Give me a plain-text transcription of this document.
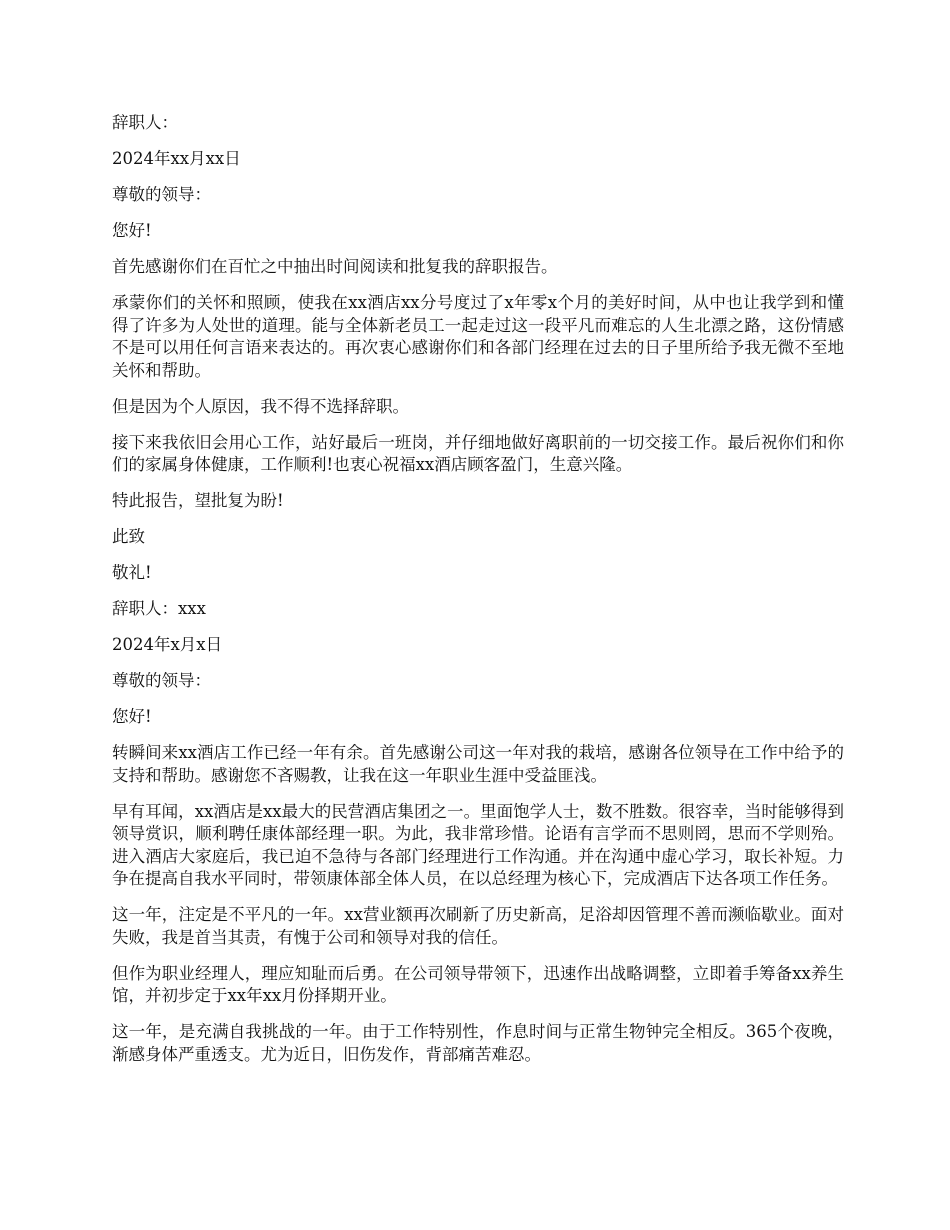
辞职人：

2024年xx月xx日

尊敬的领导：

您好!

首先感谢你们在百忙之中抽出时间阅读和批复我的辞职报告。

承蒙你们的关怀和照顾，使我在xx酒店xx分号度过了x年零x个月的美好时间，从中也让我学到和懂得了许多为人处世的道理。能与全体新老员工一起走过这一段平凡而难忘的人生北漂之路，这份情感不是可以用任何言语来表达的。再次衷心感谢你们和各部门经理在过去的日子里所给予我无微不至地关怀和帮助。

但是因为个人原因，我不得不选择辞职。

接下来我依旧会用心工作，站好最后一班岗，并仔细地做好离职前的一切交接工作。最后祝你们和你们的家属身体健康，工作顺利!也衷心祝福xx酒店顾客盈门，生意兴隆。

特此报告，望批复为盼!

此致

敬礼!

辞职人：xxx

2024年x月x日

尊敬的领导：

您好!

转瞬间来xx酒店工作已经一年有余。首先感谢公司这一年对我的栽培，感谢各位领导在工作中给予的支持和帮助。感谢您不吝赐教，让我在这一年职业生涯中受益匪浅。

早有耳闻，xx酒店是xx最大的民营酒店集团之一。里面饱学人士，数不胜数。很容幸，当时能够得到领导赏识，顺利聘任康体部经理一职。为此，我非常珍惜。论语有言学而不思则罔，思而不学则殆。进入酒店大家庭后，我已迫不急待与各部门经理进行工作沟通。并在沟通中虚心学习，取长补短。力争在提高自我水平同时，带领康体部全体人员，在以总经理为核心下，完成酒店下达各项工作任务。

这一年，注定是不平凡的一年。xx营业额再次刷新了历史新高，足浴却因管理不善而濒临歇业。面对失败，我是首当其责，有愧于公司和领导对我的信任。

但作为职业经理人，理应知耻而后勇。在公司领导带领下，迅速作出战略调整，立即着手筹备xx养生馆，并初步定于xx年xx月份择期开业。

这一年，是充满自我挑战的一年。由于工作特别性，作息时间与正常生物钟完全相反。365个夜晚，渐感身体严重透支。尤为近日，旧伤发作，背部痛苦难忍。
